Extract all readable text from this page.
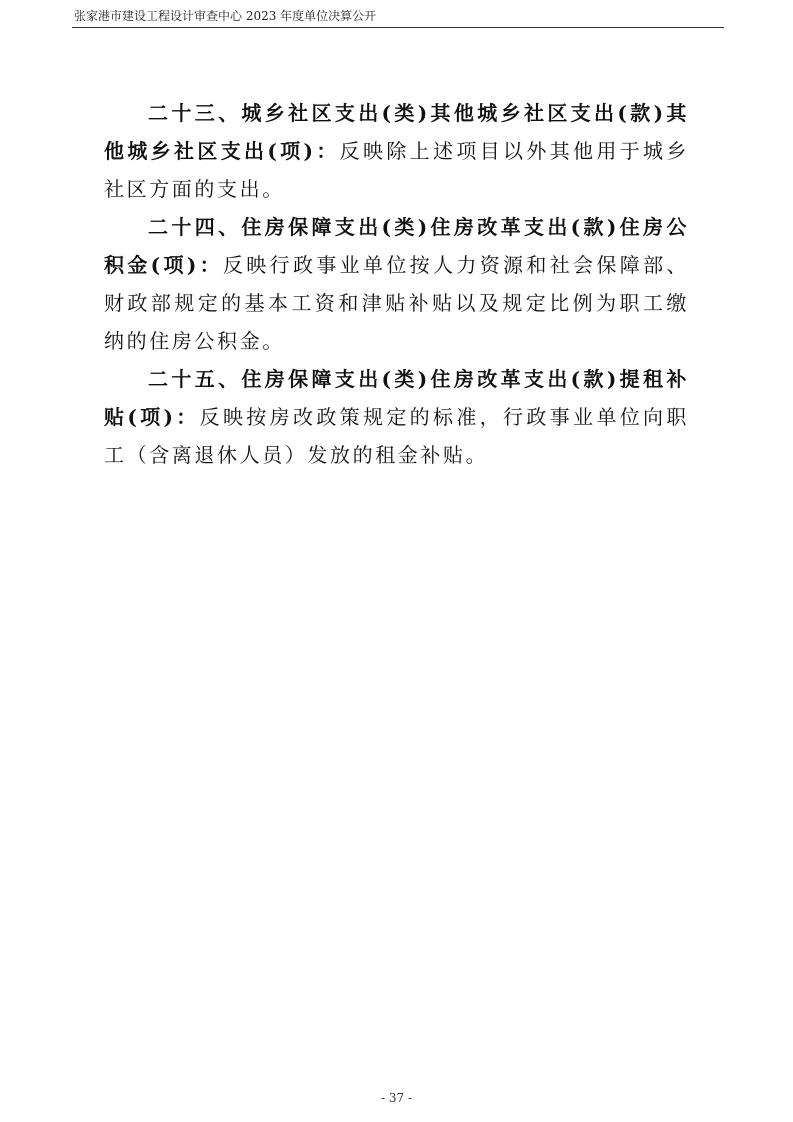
张家港市建设工程设计审查中心 2023 年度单位决算公开

二十三、城乡社区支出(类)其他城乡社区支出(款)其他城乡社区支出(项)：反映除上述项目以外其他用于城乡社区方面的支出。

二十四、住房保障支出(类)住房改革支出(款)住房公积金(项)：反映行政事业单位按人力资源和社会保障部、财政部规定的基本工资和津贴补贴以及规定比例为职工缴纳的住房公积金。

二十五、住房保障支出(类)住房改革支出(款)提租补贴(项)：反映按房改政策规定的标准，行政事业单位向职工（含离退休人员）发放的租金补贴。

- 37 -
